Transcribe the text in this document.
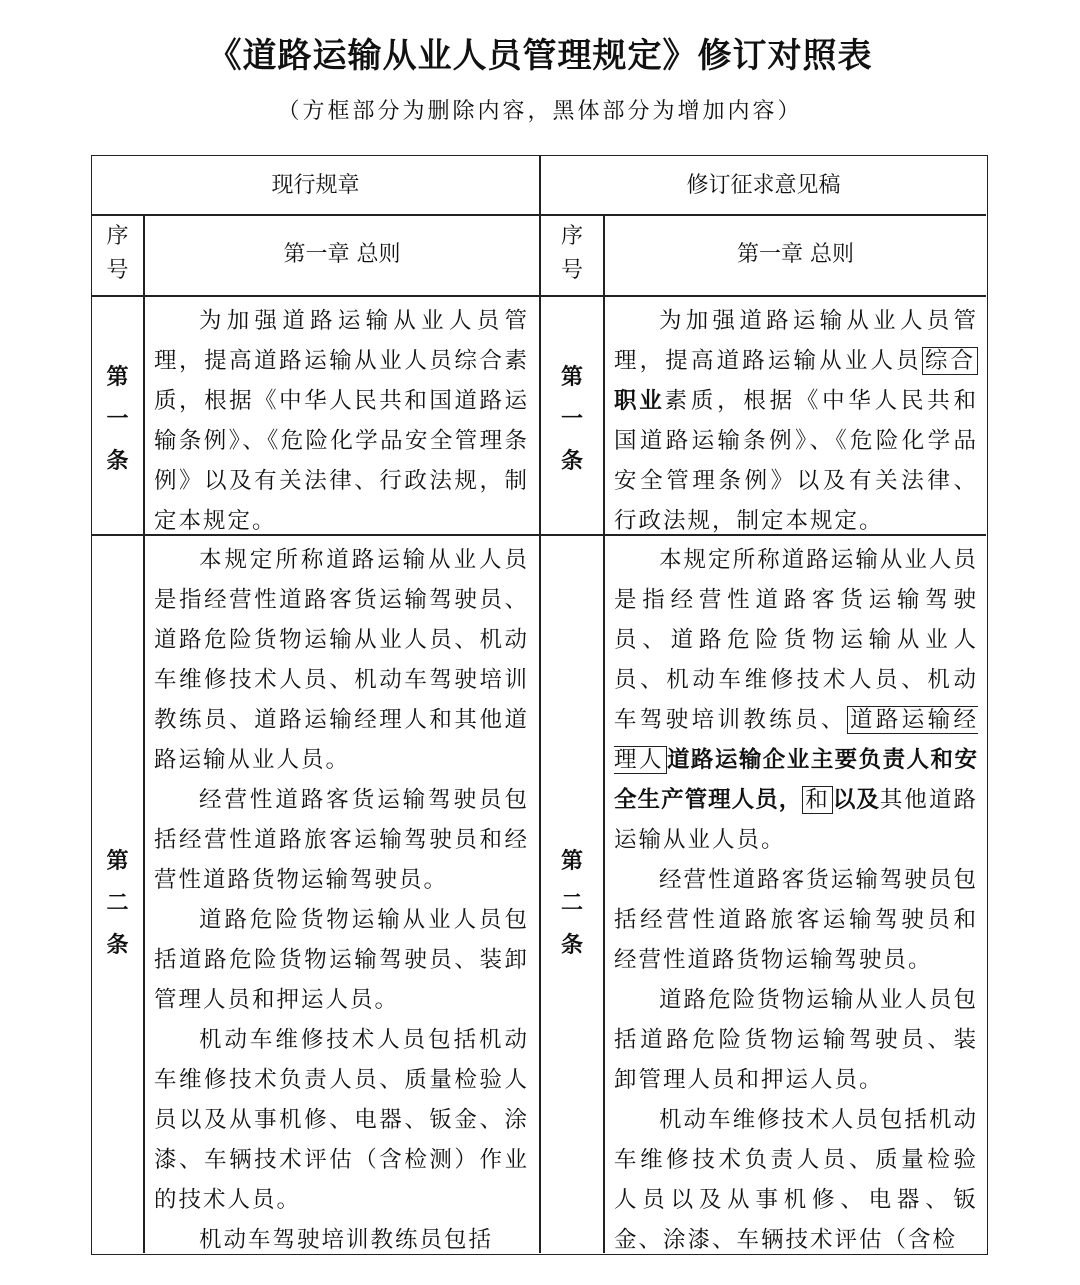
《道路运输从业人员管理规定》修订对照表
（方框部分为删除内容，黑体部分为增加内容）
现行规章	修订征求意见稿
序
号
序
号
第一章 总则	第一章 总则
第
一
条
第
一
条

为加强道路运输从业人员管理，提高道路运输从业人员综合素质，根据《中华人民共和国道路运输条例》、《危险化学品安全管理条例》以及有关法律、行政法规，制定本规定。

为加强道路运输从业人员管理，提高道路运输从业人员 综合职业素质，根据《中华人民共和国道路运输条例》、《危险化学品安全管理条例》以及有关法律、行政法规，制定本规定。

第
二
条
第
二
条

本规定所称道路运输从业人员是指经营性道路客货运输驾驶员、道路危险货物运输从业人员、机动车维修技术人员、机动车驾驶培训教练员、道路运输经理人和其他道路运输从业人员。

经营性道路客货运输驾驶员包括经营性道路旅客运输驾驶员和经营性道路货物运输驾驶员。

道路危险货物运输从业人员包括道路危险货物运输驾驶员、装卸管理人员和押运人员。

机动车维修技术人员包括机动车维修技术负责人员、质量检验人员以及从事机修、电器、钣金、涂漆、车辆技术评估（含检测）作业的技术人员。

机动车驾驶培训教练员包括

本规定所称道路运输从业人员是指经营性道路客货运输驾驶员、道路危险货物运输从业人员、机动车维修技术人员、机动车驾驶培训教练员、 道路运输经理人 道路运输企业主要负责人和安全生产管理人员， 和 以及其他道路运输从业人员。

经营性道路客货运输驾驶员包括经营性道路旅客运输驾驶员和经营性道路货物运输驾驶员。

道路危险货物运输从业人员包括道路危险货物运输驾驶员、装卸管理人员和押运人员。

机动车维修技术人员包括机动车维修技术负责人员、质量检验人员以及从事机修、电器、钣金、涂漆、车辆技术评估（含检
